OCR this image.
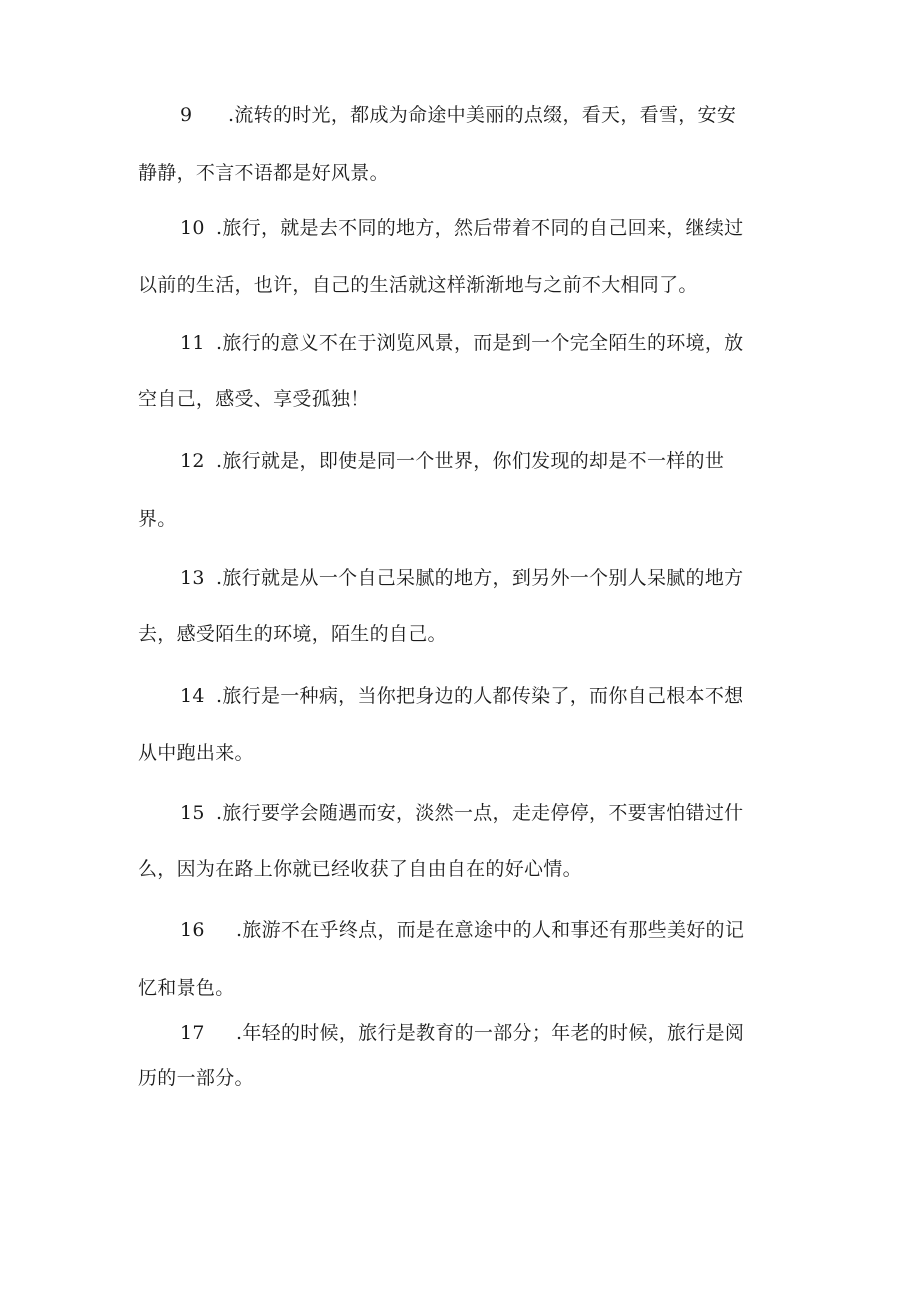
9 .流转的时光，都成为命途中美丽的点缀，看天，看雪，安安
静静，不言不语都是好风景。
10 .旅行，就是去不同的地方，然后带着不同的自己回来，继续过
以前的生活，也许，自己的生活就这样渐渐地与之前不大相同了。
11 .旅行的意义不在于浏览风景，而是到一个完全陌生的环境，放
空自己，感受、享受孤独！
12 .旅行就是，即使是同一个世界，你们发现的却是不一样的世
界。
13 .旅行就是从一个自己呆腻的地方，到另外一个别人呆腻的地方
去，感受陌生的环境，陌生的自己。
14 .旅行是一种病，当你把身边的人都传染了，而你自己根本不想
从中跑出来。
15 .旅行要学会随遇而安，淡然一点，走走停停，不要害怕错过什
么，因为在路上你就已经收获了自由自在的好心情。
16 .旅游不在乎终点，而是在意途中的人和事还有那些美好的记
忆和景色。
17 .年轻的时候，旅行是教育的一部分；年老的时候，旅行是阅
历的一部分。
